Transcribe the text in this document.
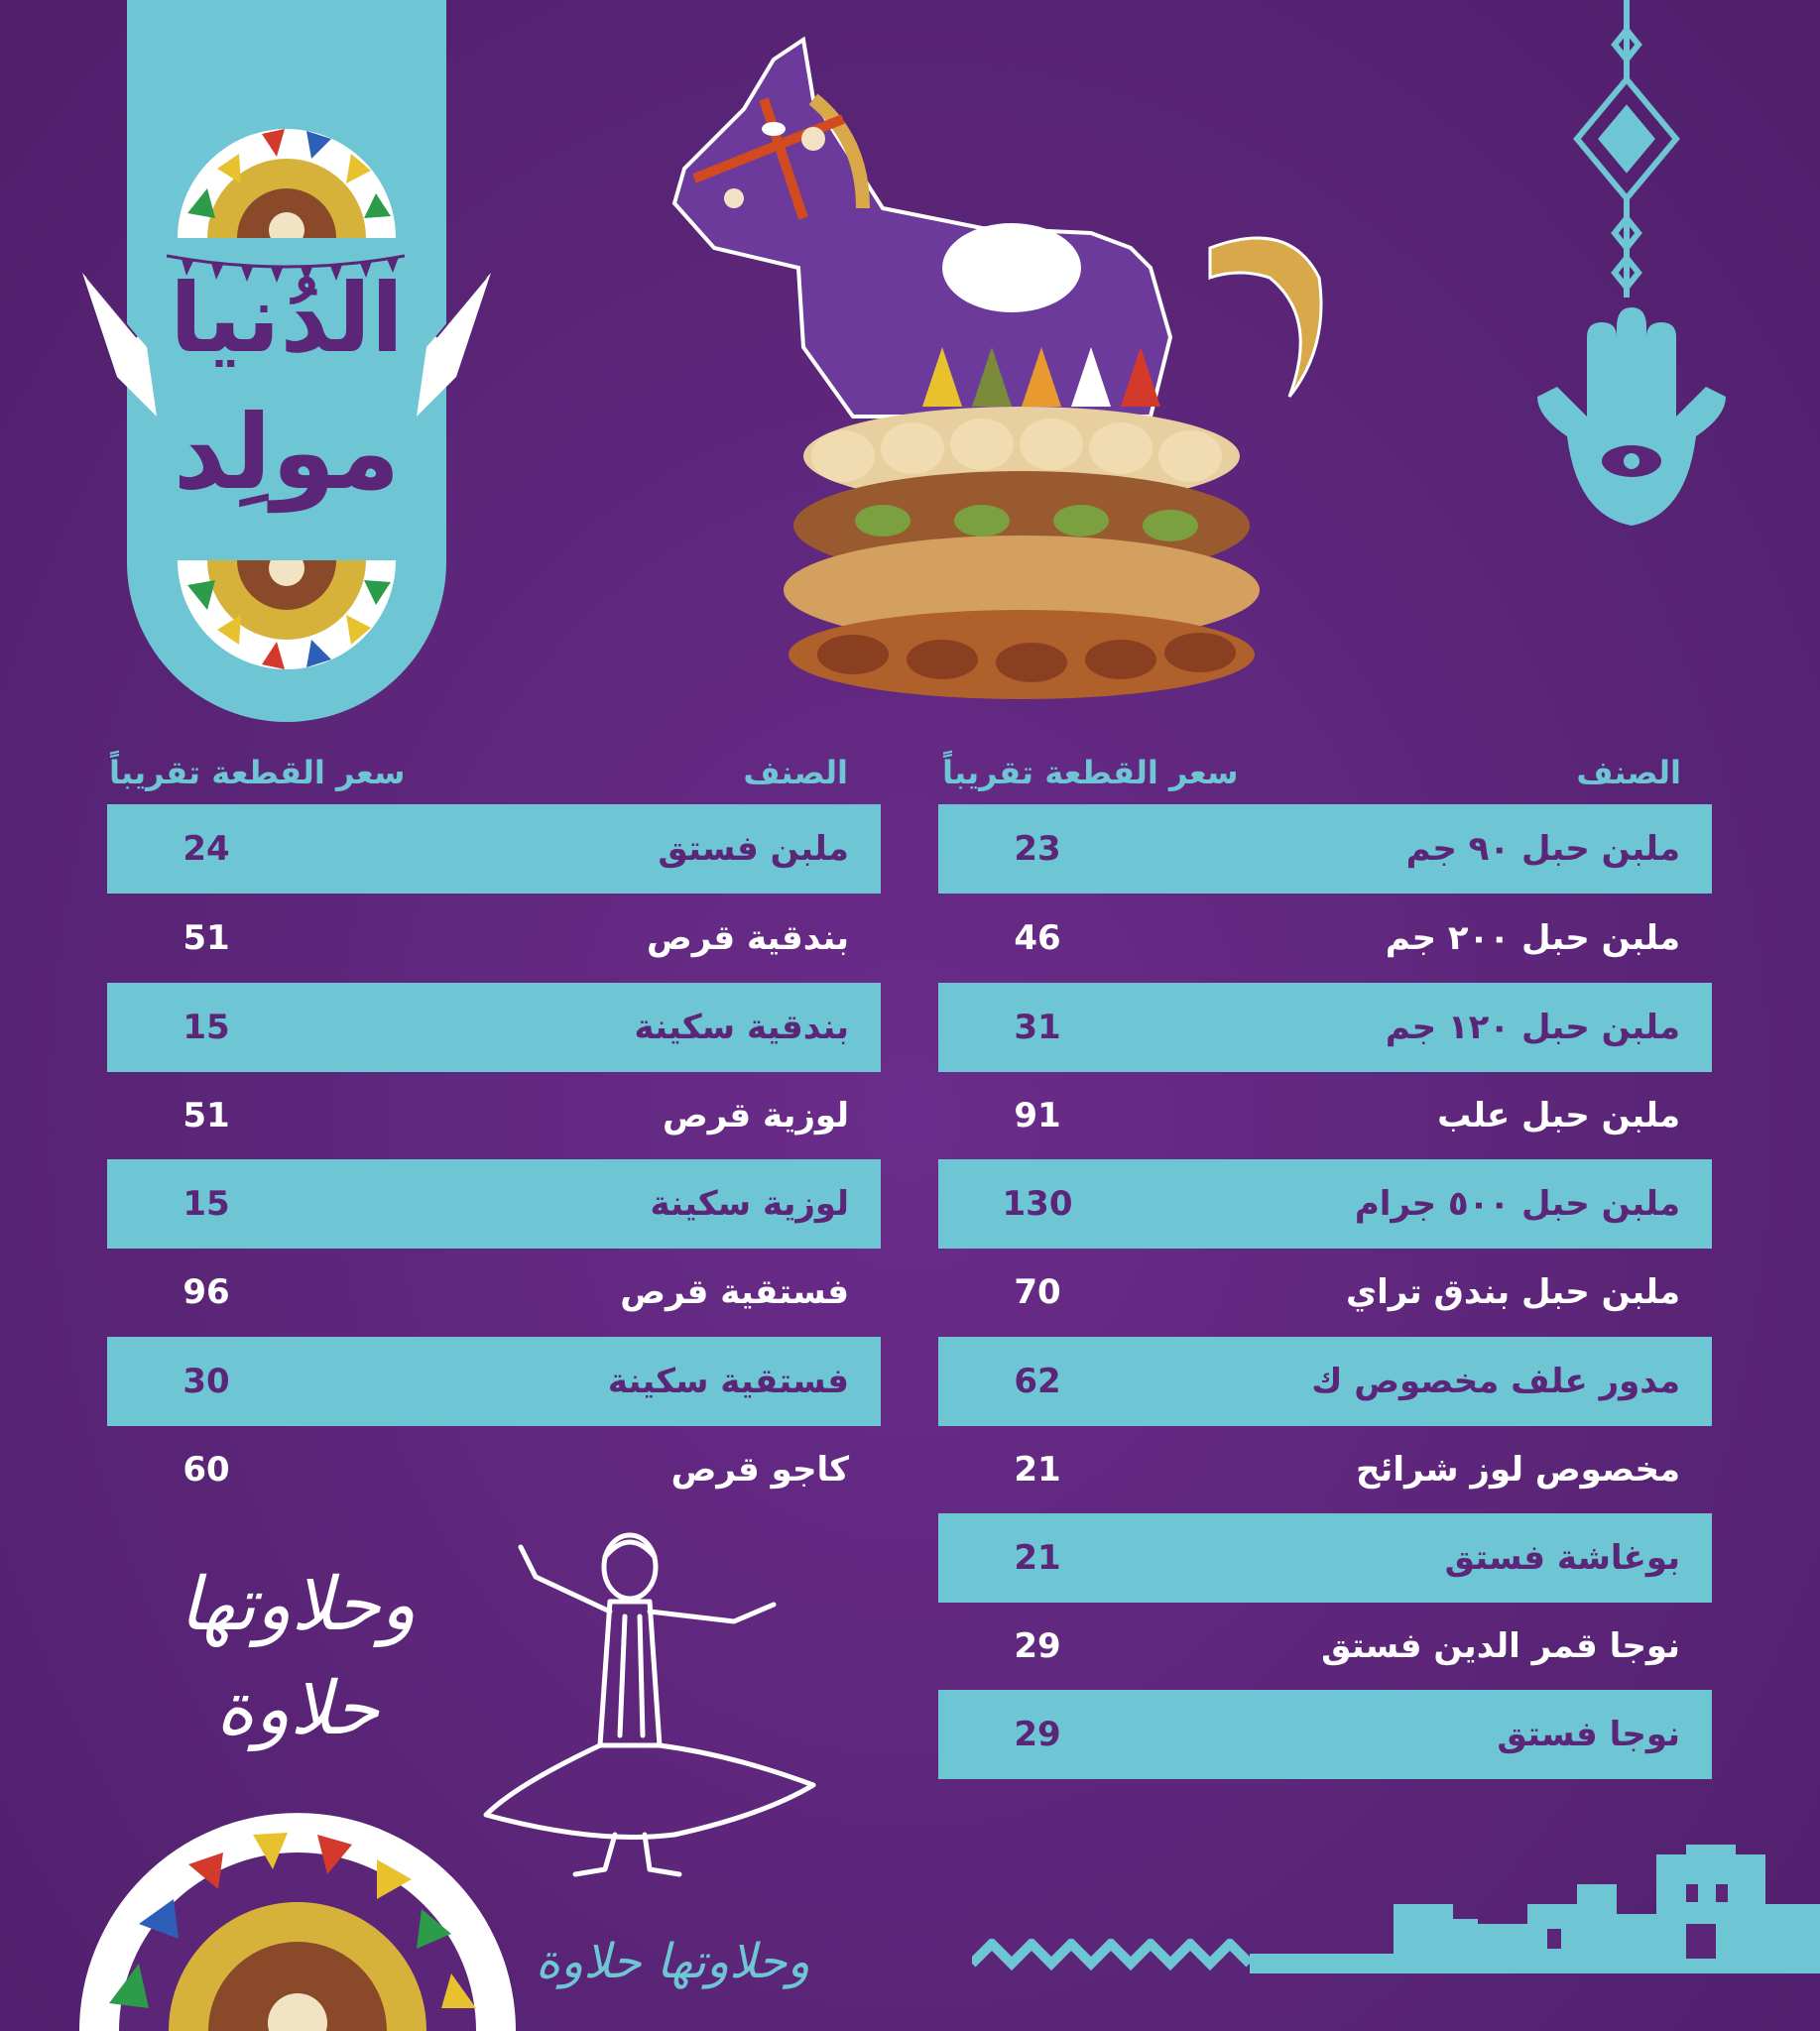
الدُنيا
مولِد
الصنف
سعر القطعة تقريباً
الصنف
سعر القطعة تقريباً
ملبن حبل ٩٠ جم
23
ملبن حبل ٢٠٠ جم
46
ملبن حبل ١٢٠ جم
31
ملبن حبل علب
91
ملبن حبل ٥٠٠ جرام
130
ملبن حبل بندق تراي
70
مدور علف مخصوص ك
62
مخصوص لوز شرائح
21
بوغاشة فستق
21
نوجا قمر الدين فستق
29
نوجا فستق
29
ملبن فستق
24
بندقية قرص
51
بندقية سكينة
15
لوزية قرص
51
لوزية سكينة
15
فستقية قرص
96
فستقية سكينة
30
كاجو قرص
60
وحلاوتها
حلاوة
وحلاوتها حلاوة
